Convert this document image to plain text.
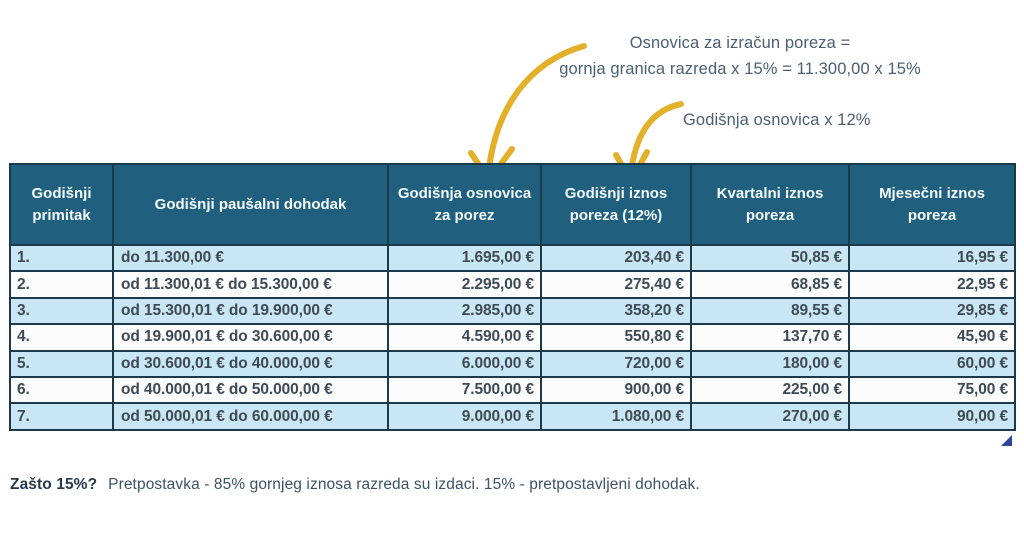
Osnovica za izračun poreza =
gornja granica razreda x 15% = 11.300,00 x 15%
Godišnja osnovica x 12%
Godišnji primitak	Godišnji paušalni dohodak	Godišnja osnovica za porez	Godišnji iznos poreza (12%)	Kvartalni iznos poreza	Mjesečni iznos poreza
1.	do 11.300,00 €	1.695,00 €	203,40 €	50,85 €	16,95 €
2.	od 11.300,01 € do 15.300,00 €	2.295,00 €	275,40 €	68,85 €	22,95 €
3.	od 15.300,01 € do 19.900,00 €	2.985,00 €	358,20 €	89,55 €	29,85 €
4.	od 19.900,01 € do 30.600,00 €	4.590,00 €	550,80 €	137,70 €	45,90 €
5.	od 30.600,01 € do 40.000,00 €	6.000,00 €	720,00 €	180,00 €	60,00 €
6.	od 40.000,01 € do 50.000,00 €	7.500,00 €	900,00 €	225,00 €	75,00 €
7.	od 50.000,01 € do 60.000,00 €	9.000,00 €	1.080,00 €	270,00 €	90,00 €
Zašto 15%? Pretpostavka - 85% gornjeg iznosa razreda su izdaci. 15% - pretpostavljeni dohodak.
